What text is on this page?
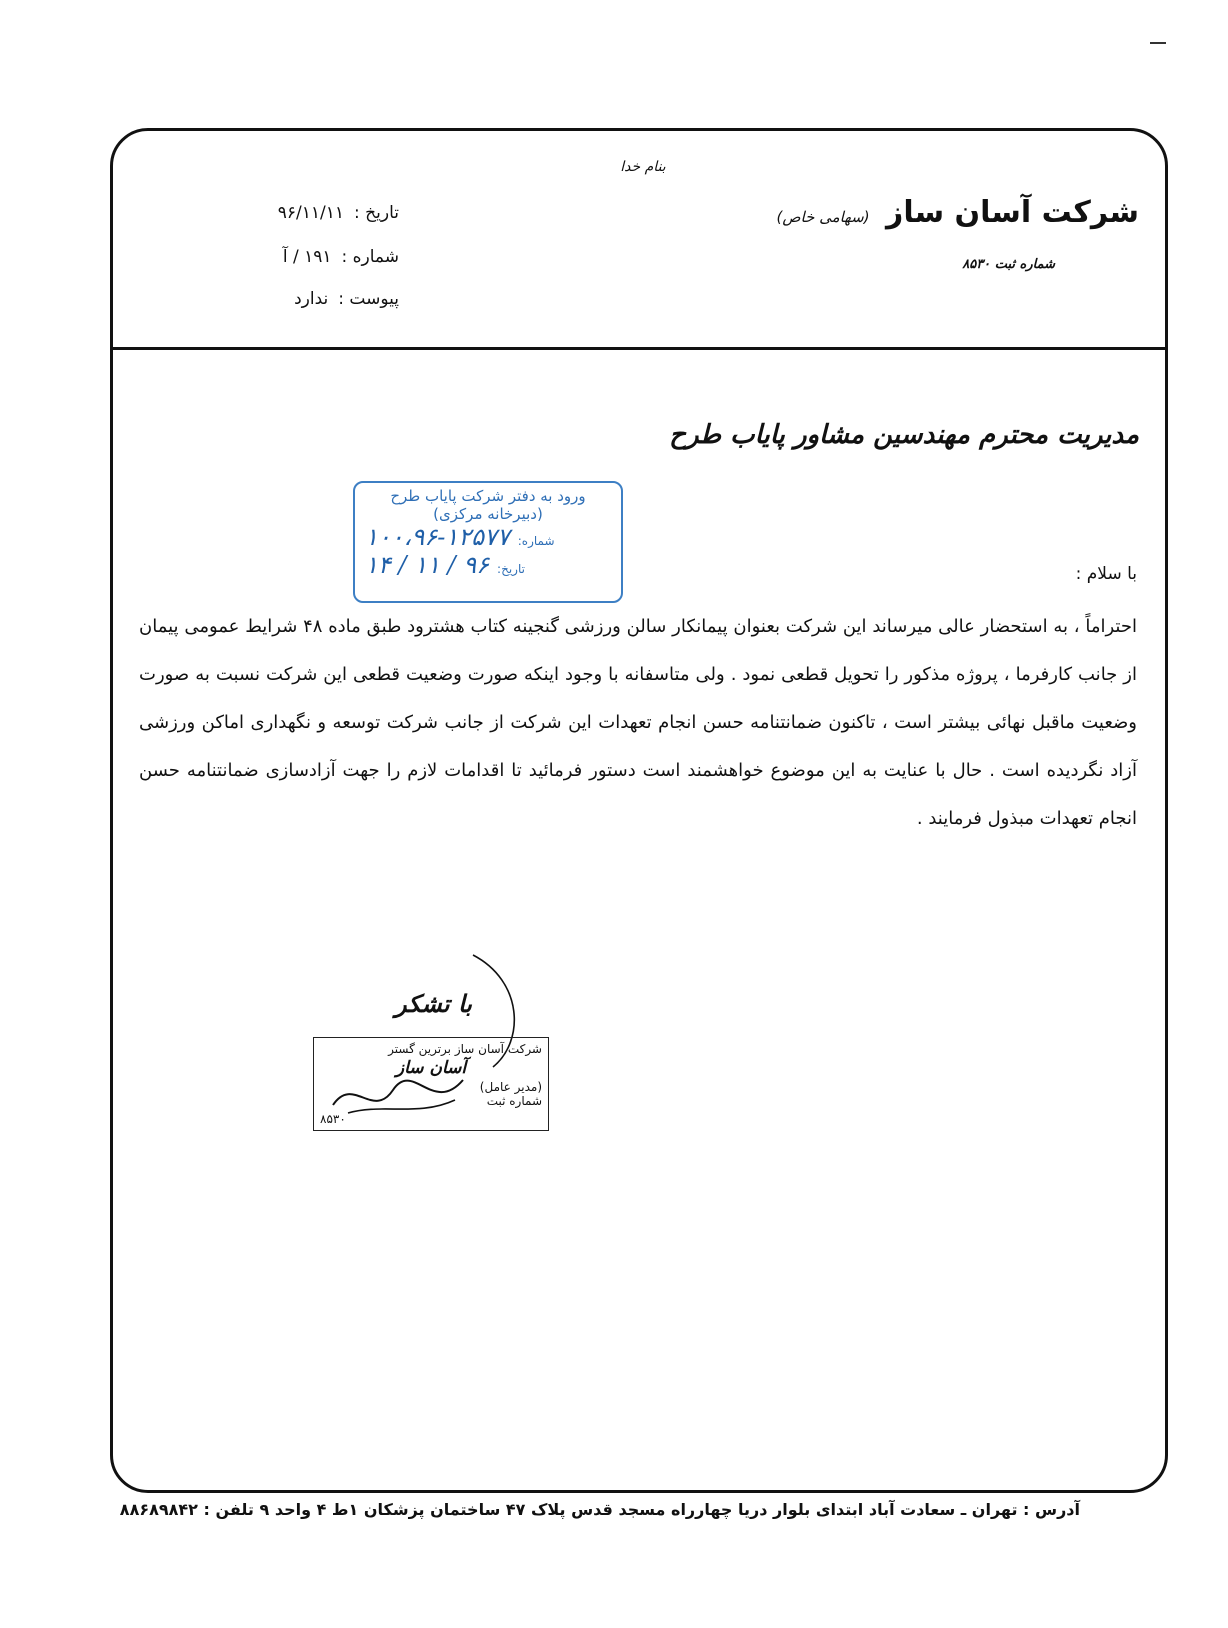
بنام خدا
شرکت آسان ساز (سهامی خاص)
شماره ثبت ۸۵۳۰
تاریخ :۹۶/۱۱/۱۱
شماره :۱۹۱ / آ
پیوست :ندارد
مدیریت محترم مهندسین مشاور پایاب طرح
ورود به دفتر شرکت پایاب طرح
(دبیرخانه مرکزی)
شماره:
۱۰۰،۹۶-۱۲۵۷۷
تاریخ:
۹۶ / ۱۱ / ۱۴	با سلام :

احتراماً ، به استحضار عالی میرساند این شرکت بعنوان پیمانکار سالن ورزشی گنجینه کتاب هشترود طبق ماده ۴۸ شرایط عمومی پیمان از جانب کارفرما ، پروژه مذکور را تحویل قطعی نمود . ولی متاسفانه با وجود اینکه صورت وضعیت قطعی این شرکت نسبت به صورت وضعیت ماقبل نهائی بیشتر است ، تاکنون ضمانتنامه حسن انجام تعهدات این شرکت از جانب شرکت توسعه و نگهداری اماکن ورزشی آزاد نگردیده است . حال با عنایت به این موضوع خواهشمند است دستور فرمائید تا اقدامات لازم را جهت آزادسازی ضمانتنامه حسن انجام تعهدات مبذول فرمایند .

با تشکر
شرکت آسان ساز برترین گستر
آسان ساز
(مدیر عامل)
شماره ثبت
۸۵۳۰
آدرس : تهران ـ سعادت آباد ابتدای بلوار دریا چهارراه مسجد قدس پلاک ۴۷ ساختمان پزشکان ۱ط ۴ واحد ۹ تلفن : ۸۸۶۸۹۸۴۲
